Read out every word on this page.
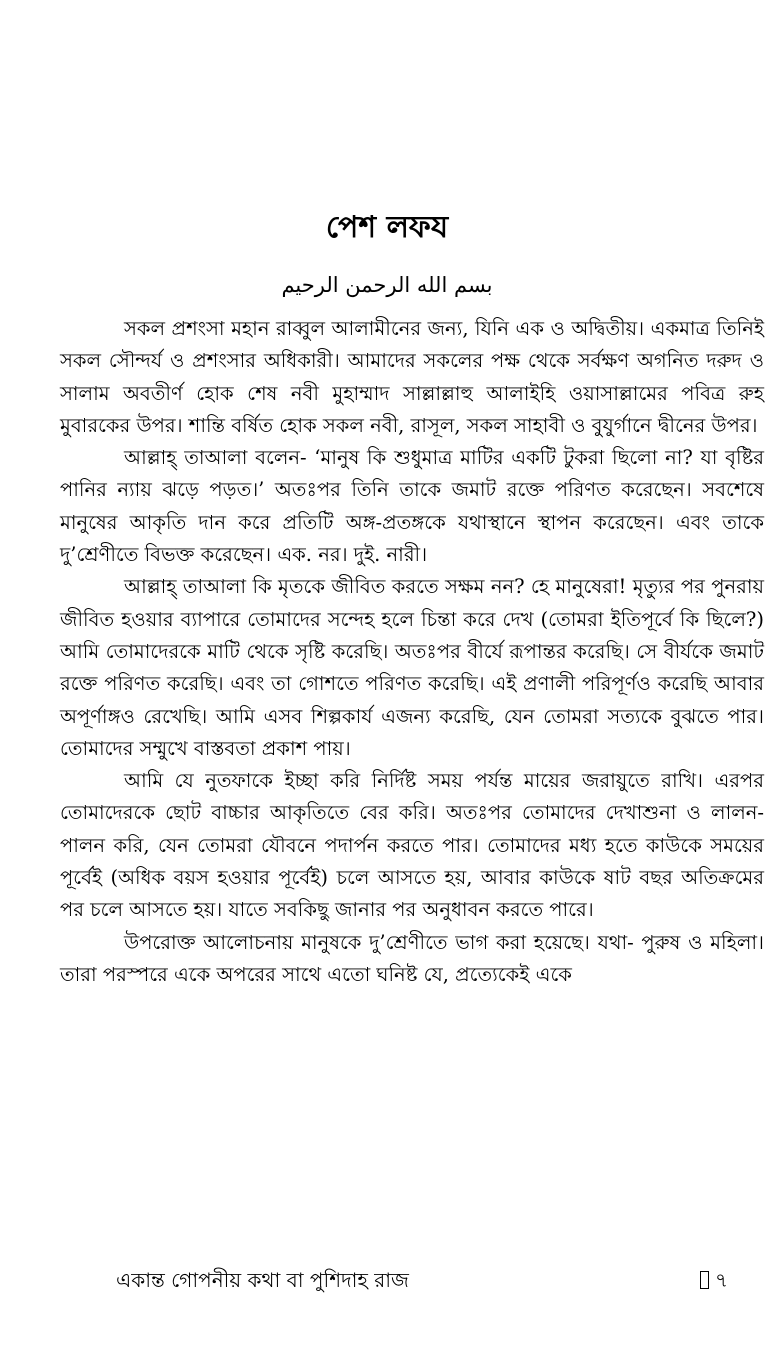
পেশ লফয
بسم الله الرحمن الرحيم

সকল প্রশংসা মহান রাব্বুল আলামীনের জন্য, যিনি এক ও অদ্বিতীয়। একমাত্র তিনিই সকল সৌন্দর্য ও প্রশংসার অধিকারী। আমাদের সকলের পক্ষ থেকে সর্বক্ষণ অগনিত দরুদ ও সালাম অবতীর্ণ হোক শেষ নবী মুহাম্মাদ সাল্লাল্লাহু আলাইহি ওয়াসাল্লামের পবিত্র রুহ মুবারকের উপর। শান্তি বর্ষিত হোক সকল নবী, রাসূল, সকল সাহাবী ও বুযুর্গানে দ্বীনের উপর।

আল্লাহ্ তাআলা বলেন- ‘মানুষ কি শুধুমাত্র মাটির একটি টুকরা ছিলো না? যা বৃষ্টির পানির ন্যায় ঝড়ে পড়ত।’ অতঃপর তিনি তাকে জমাট রক্তে পরিণত করেছেন। সবশেষে মানুষের আকৃতি দান করে প্রতিটি অঙ্গ-প্রতঙ্গকে যথাস্থানে স্থাপন করেছেন। এবং তাকে দু’শ্রেণীতে বিভক্ত করেছেন। এক. নর। দুই. নারী।

আল্লাহ্ তাআলা কি মৃতকে জীবিত করতে সক্ষম নন? হে মানুষেরা! মৃত্যুর পর পুনরায় জীবিত হওয়ার ব্যাপারে তোমাদের সন্দেহ হলে চিন্তা করে দেখ (তোমরা ইতিপূর্বে কি ছিলে?) আমি তোমাদেরকে মাটি থেকে সৃষ্টি করেছি। অতঃপর বীর্যে রূপান্তর করেছি। সে বীর্যকে জমাট রক্তে পরিণত করেছি। এবং তা গোশতে পরিণত করেছি। এই প্রণালী পরিপূর্ণও করেছি আবার অপূর্ণাঙ্গও রেখেছি। আমি এসব শিল্পকার্য এজন্য করেছি, যেন তোমরা সত্যকে বুঝতে পার। তোমাদের সম্মুখে বাস্তবতা প্রকাশ পায়।

আমি যে নুতফাকে ইচ্ছা করি নির্দিষ্ট সময় পর্যন্ত মায়ের জরায়ুতে রাখি। এরপর তোমাদেরকে ছোট বাচ্চার আকৃতিতে বের করি। অতঃপর তোমাদের দেখাশুনা ও লালন-পালন করি, যেন তোমরা যৌবনে পদার্পন করতে পার। তোমাদের মধ্য হতে কাউকে সময়ের পূর্বেই (অধিক বয়স হওয়ার পূর্বেই) চলে আসতে হয়, আবার কাউকে ষাট বছর অতিক্রমের পর চলে আসতে হয়। যাতে সবকিছু জানার পর অনুধাবন করতে পারে।

উপরোক্ত আলোচনায় মানুষকে দু’শ্রেণীতে ভাগ করা হয়েছে। যথা- পুরুষ ও মহিলা। তারা পরস্পরে একে অপরের সাথে এতো ঘনিষ্ট যে, প্রত্যেকেই একে

একান্ত গোপনীয় কথা বা পুশিদাহ রাজ	৭
